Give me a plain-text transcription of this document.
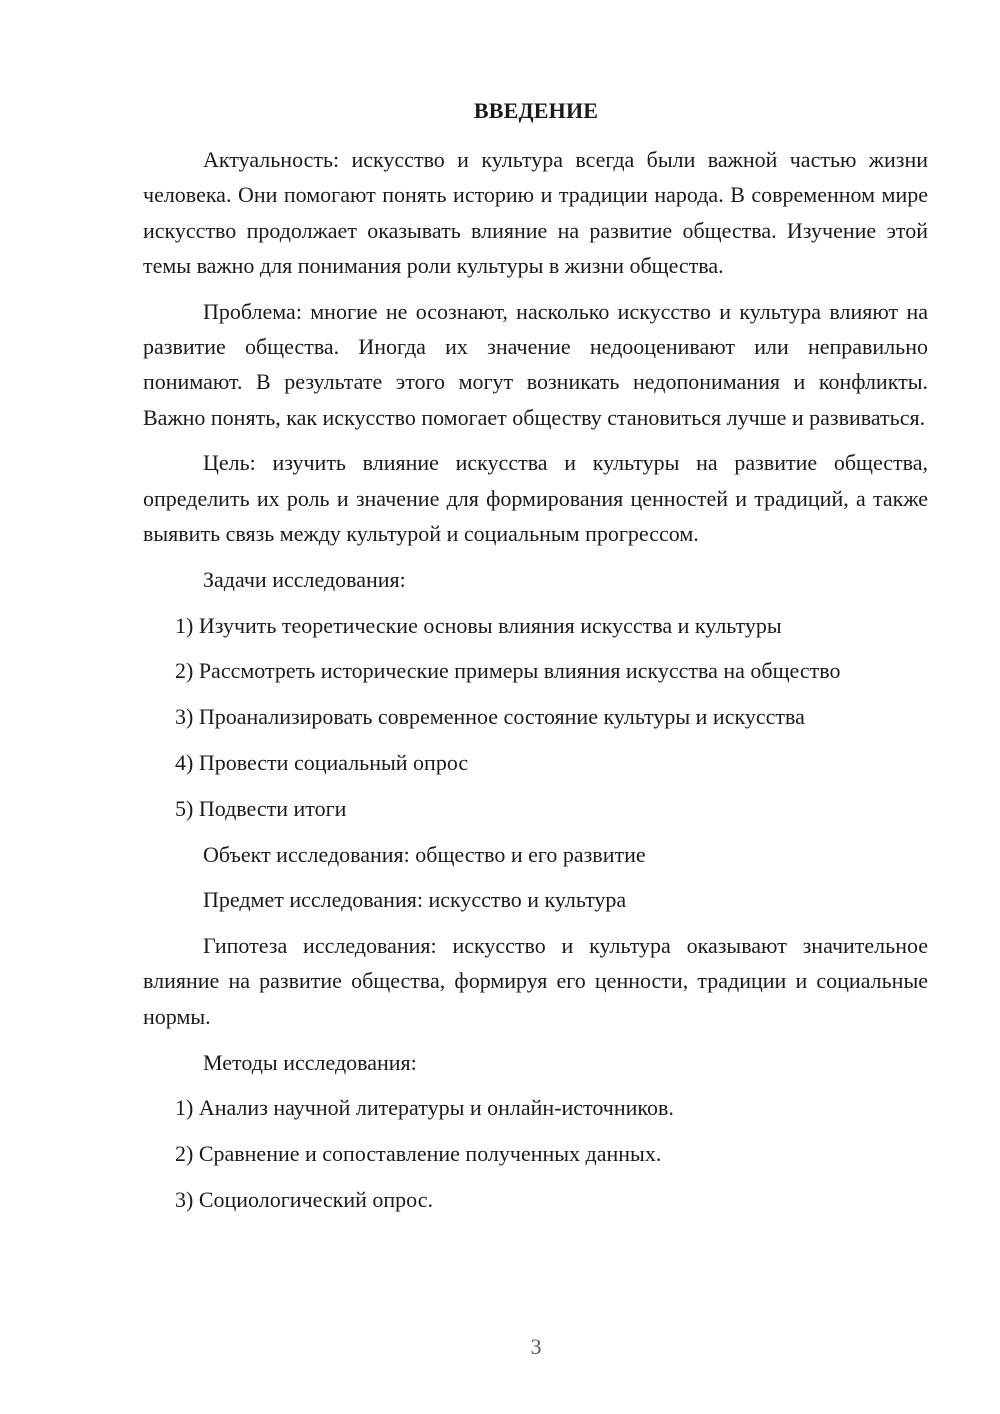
ВВЕДЕНИЕ

Актуальность: искусство и культура всегда были важной частью жизни человека. Они помогают понять историю и традиции народа. В современном мире искусство продолжает оказывать влияние на развитие общества. Изучение этой темы важно для понимания роли культуры в жизни общества.

Проблема: многие не осознают, насколько искусство и культура влияют на развитие общества. Иногда их значение недооценивают или неправильно понимают. В результате этого могут возникать недопонимания и конфликты. Важно понять, как искусство помогает обществу становиться лучше и развиваться.

Цель: изучить влияние искусства и культуры на развитие общества, определить их роль и значение для формирования ценностей и традиций, а также выявить связь между культурой и социальным прогрессом.

Задачи исследования:

1) Изучить теоретические основы влияния искусства и культуры

2) Рассмотреть исторические примеры влияния искусства на общество

3) Проанализировать современное состояние культуры и искусства

4) Провести социальный опрос

5) Подвести итоги

Объект исследования: общество и его развитие

Предмет исследования: искусство и культура

Гипотеза исследования: искусство и культура оказывают значительное влияние на развитие общества, формируя его ценности, традиции и социальные нормы.

Методы исследования:

1) Анализ научной литературы и онлайн-источников.

2) Сравнение и сопоставление полученных данных.

3) Социологический опрос.

3
